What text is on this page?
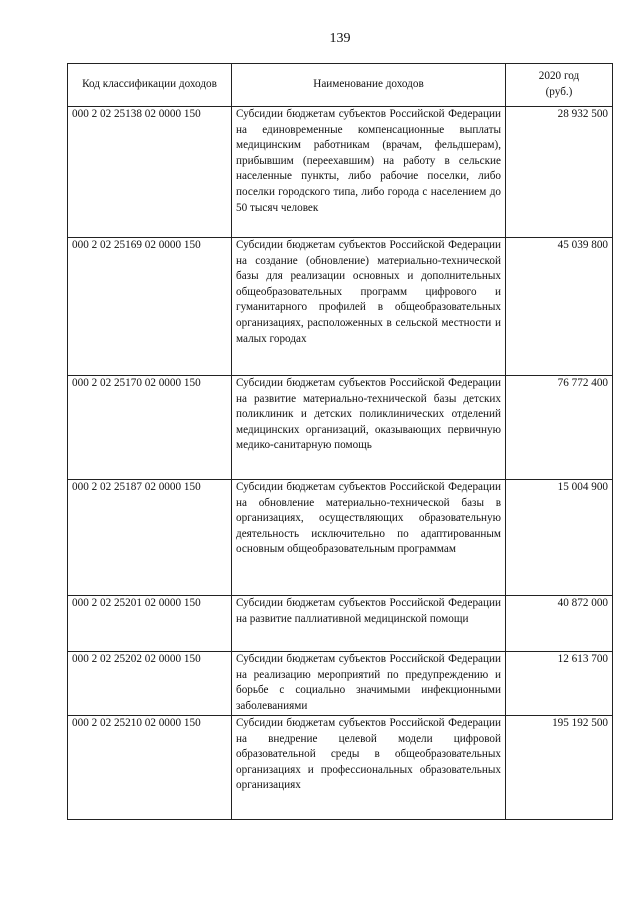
139
Код классификации доходов	Наименование доходов	2020 год (руб.)
000 2 02 25138 02 0000 150	Субсидии бюджетам субъектов Российской Федерации на единовременные компенсационные выплаты медицинским работникам (врачам, фельдшерам), прибывшим (переехавшим) на работу в сельские населенные пункты, либо рабочие поселки, либо поселки городского типа, либо города с населением до 50 тысяч человек	28 932 500
000 2 02 25169 02 0000 150	Субсидии бюджетам субъектов Российской Федерации на создание (обновление) материально-технической базы для реализации основных и дополнительных общеобразовательных программ цифрового и гуманитарного профилей в общеобразовательных организациях, расположенных в сельской местности и малых городах	45 039 800
000 2 02 25170 02 0000 150	Субсидии бюджетам субъектов Российской Федерации на развитие материально-технической базы детских поликлиник и детских поликлинических отделений медицинских организаций, оказывающих первичную медико-санитарную помощь	76 772 400
000 2 02 25187 02 0000 150	Субсидии бюджетам субъектов Российской Федерации на обновление материально-технической базы в организациях, осуществляющих образовательную деятельность исключительно по адаптированным основным общеобразовательным программам	15 004 900
000 2 02 25201 02 0000 150	Субсидии бюджетам субъектов Российской Федерации на развитие паллиативной медицинской помощи	40 872 000
000 2 02 25202 02 0000 150	Субсидии бюджетам субъектов Российской Федерации на реализацию мероприятий по предупреждению и борьбе с социально значимыми инфекционными заболеваниями	12 613 700
000 2 02 25210 02 0000 150	Субсидии бюджетам субъектов Российской Федерации на внедрение целевой модели цифровой образовательной среды в общеобразовательных организациях и профессиональных образовательных организациях	195 192 500
